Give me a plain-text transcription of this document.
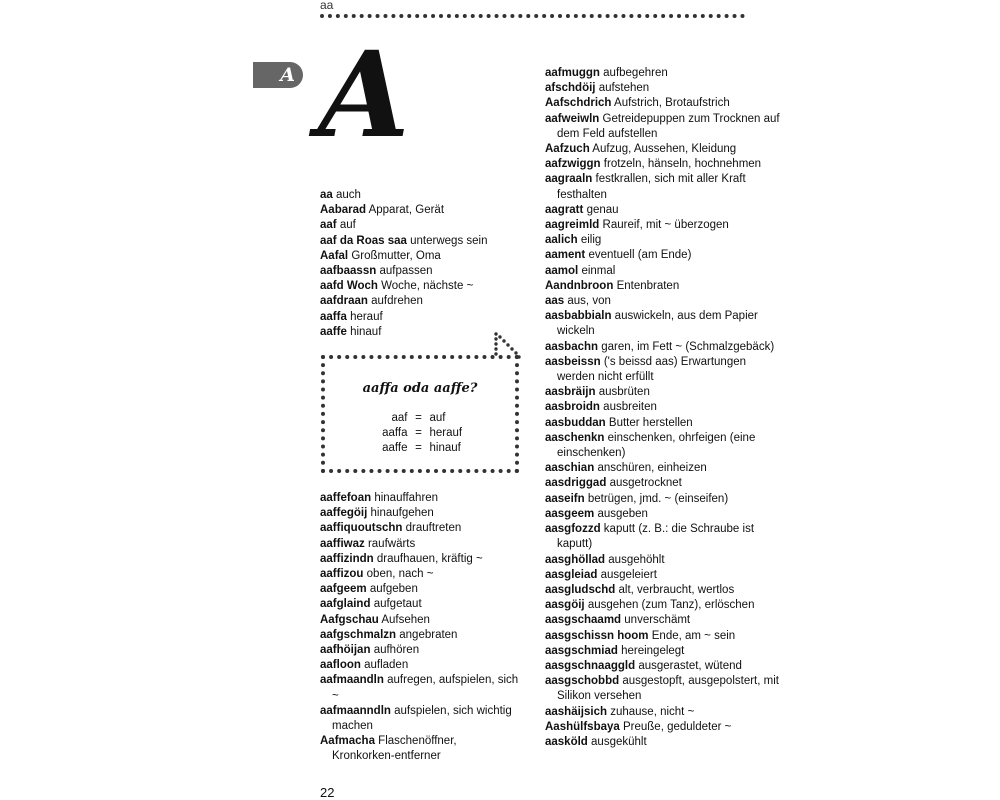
aa
A A
aa auch
Aabarad Apparat, Gerät
aaf auf
aaf da Roas saa unterwegs sein
Aafal Großmutter, Oma
aafbaassn aufpassen
aafd Woch Woche, nächste ~
aafdraan aufdrehen
aaffa herauf
aaffe hinauf
aaffa oda aaffe?
aaf = auf
aaffa = herauf
aaffe = hinauf
aaffefoan hinauffahren
aaffegöij hinaufgehen
aaffiquoutschn drauftreten
aaffiwaz raufwärts
aaffizindn draufhauen, kräftig ~
aaffizou oben, nach ~
aafgeem aufgeben
aafglaind aufgetaut
Aafgschau Aufsehen
aafgschmalzn angebraten
aafhöijan aufhören
aafloon aufladen
aafmaandln aufregen, aufspielen, sich ~
aafmaanndln aufspielen, sich wichtig machen
Aafmacha Flaschenöffner, Kronkorken-entferner
aafmuggn aufbegehren
afschdöij aufstehen
Aafschdrich Aufstrich, Brotaufstrich
aafweiwln Getreidepuppen zum Trocknen auf dem Feld aufstellen
Aafzuch Aufzug, Aussehen, Kleidung
aafzwiggn frotzeln, hänseln, hochnehmen
aagraaln festkrallen, sich mit aller Kraft festhalten
aagratt genau
aagreimld Raureif, mit ~ überzogen
aalich eilig
aament eventuell (am Ende)
aamol einmal
Aandnbroon Entenbraten
aas aus, von
aasbabbialn auswickeln, aus dem Papier wickeln
aasbachn garen, im Fett ~ (Schmalzgebäck)
aasbeissn ('s beissd aas) Erwartungen werden nicht erfüllt
aasbräijn ausbrüten
aasbroidn ausbreiten
aasbuddan Butter herstellen
aaschenkn einschenken, ohrfeigen (eine einschenken)
aaschian anschüren, einheizen
aasdriggad ausgetrocknet
aaseifn betrügen, jmd. ~ (einseifen)
aasgeem ausgeben
aasgfozzd kaputt (z. B.: die Schraube ist kaputt)
aasghöllad ausgehöhlt
aasgleiad ausgeleiert
aasgludschd alt, verbraucht, wertlos
aasgöij ausgehen (zum Tanz), erlöschen
aasgschaamd unverschämt
aasgschissn hoom Ende, am ~ sein
aasgschmiad hereingelegt
aasgschnaaggld ausgerastet, wütend
aasgschobbd ausgestopft, ausgepolstert, mit Silikon versehen
aashäijsich zuhause, nicht ~
Aashülfsbaya Preuße, geduldeter ~
aasköld ausgekühlt
22
